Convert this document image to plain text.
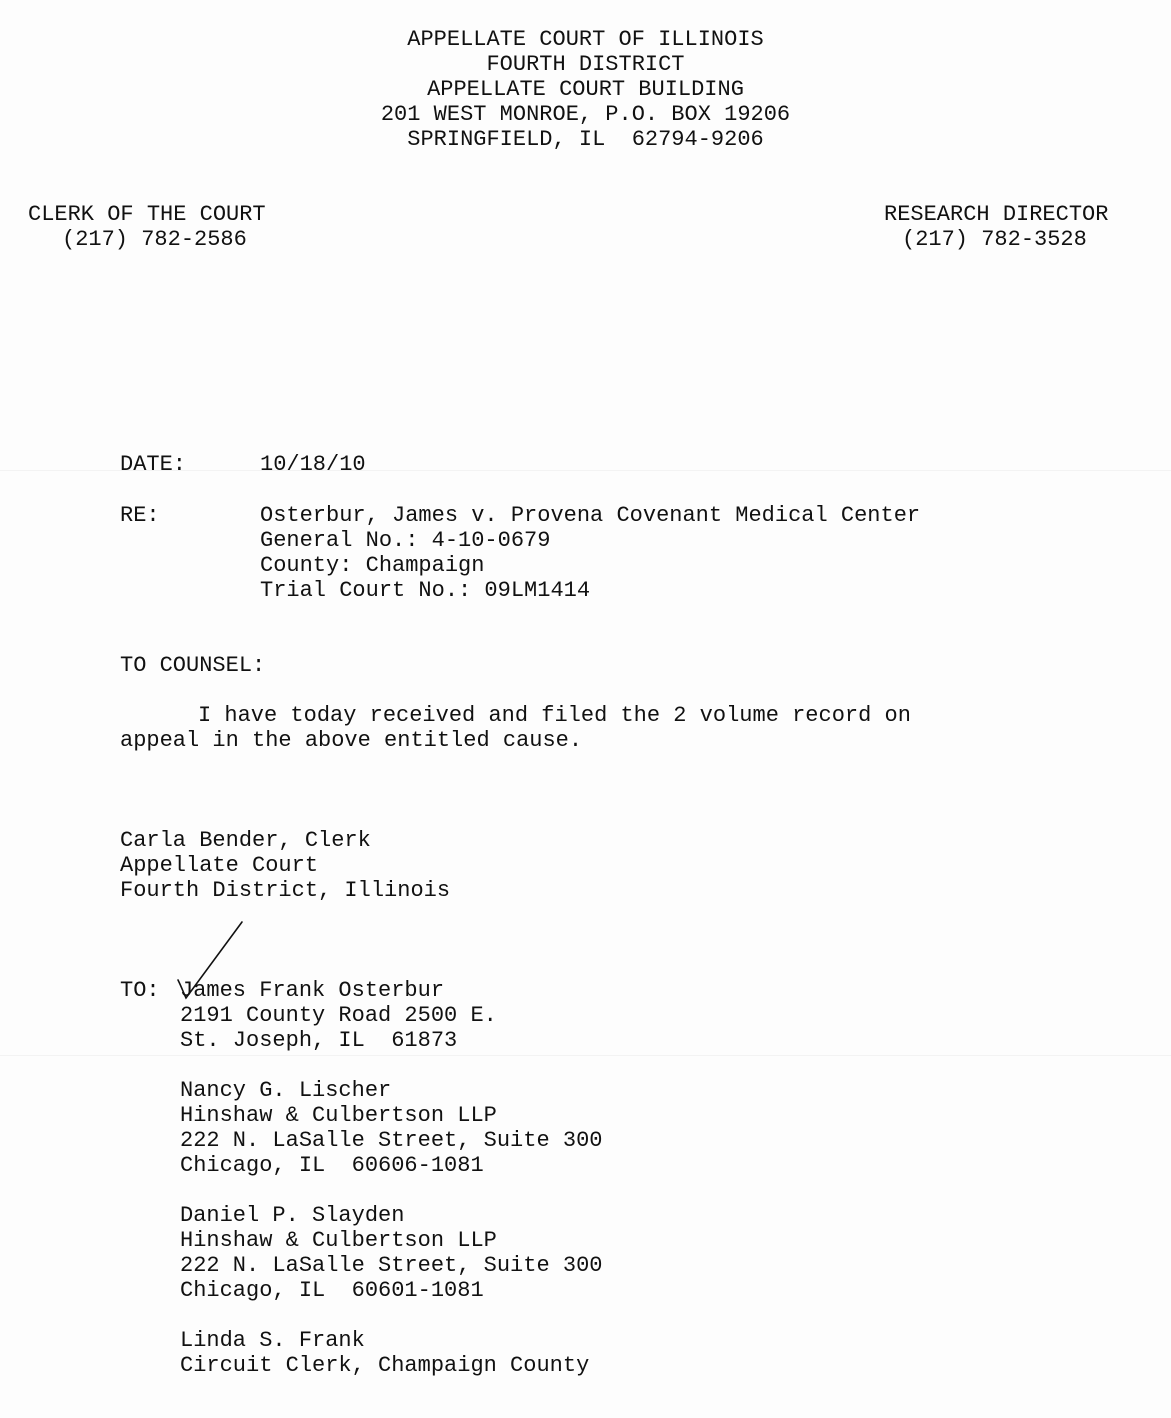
APPELLATE COURT OF ILLINOIS
FOURTH DISTRICT
APPELLATE COURT BUILDING
201 WEST MONROE, P.O. BOX 19206
SPRINGFIELD, IL  62794-9206
CLERK OF THE COURT
(217) 782-2586
RESEARCH DIRECTOR
(217) 782-3528
DATE:	10/18/10
RE:	Osterbur, James v. Provena Covenant Medical Center
General No.: 4-10-0679
County: Champaign
Trial Court No.: 09LM1414
TO COUNSEL:
I have today received and filed the 2 volume record on
appeal in the above entitled cause.
Carla Bender, Clerk
Appellate Court
Fourth District, Illinois
TO: James Frank Osterbur
2191 County Road 2500 E.
St. Joseph, IL  61873
Nancy G. Lischer
Hinshaw & Culbertson LLP
222 N. LaSalle Street, Suite 300
Chicago, IL  60606-1081
Daniel P. Slayden
Hinshaw & Culbertson LLP
222 N. LaSalle Street, Suite 300
Chicago, IL  60601-1081
Linda S. Frank
Circuit Clerk, Champaign County
